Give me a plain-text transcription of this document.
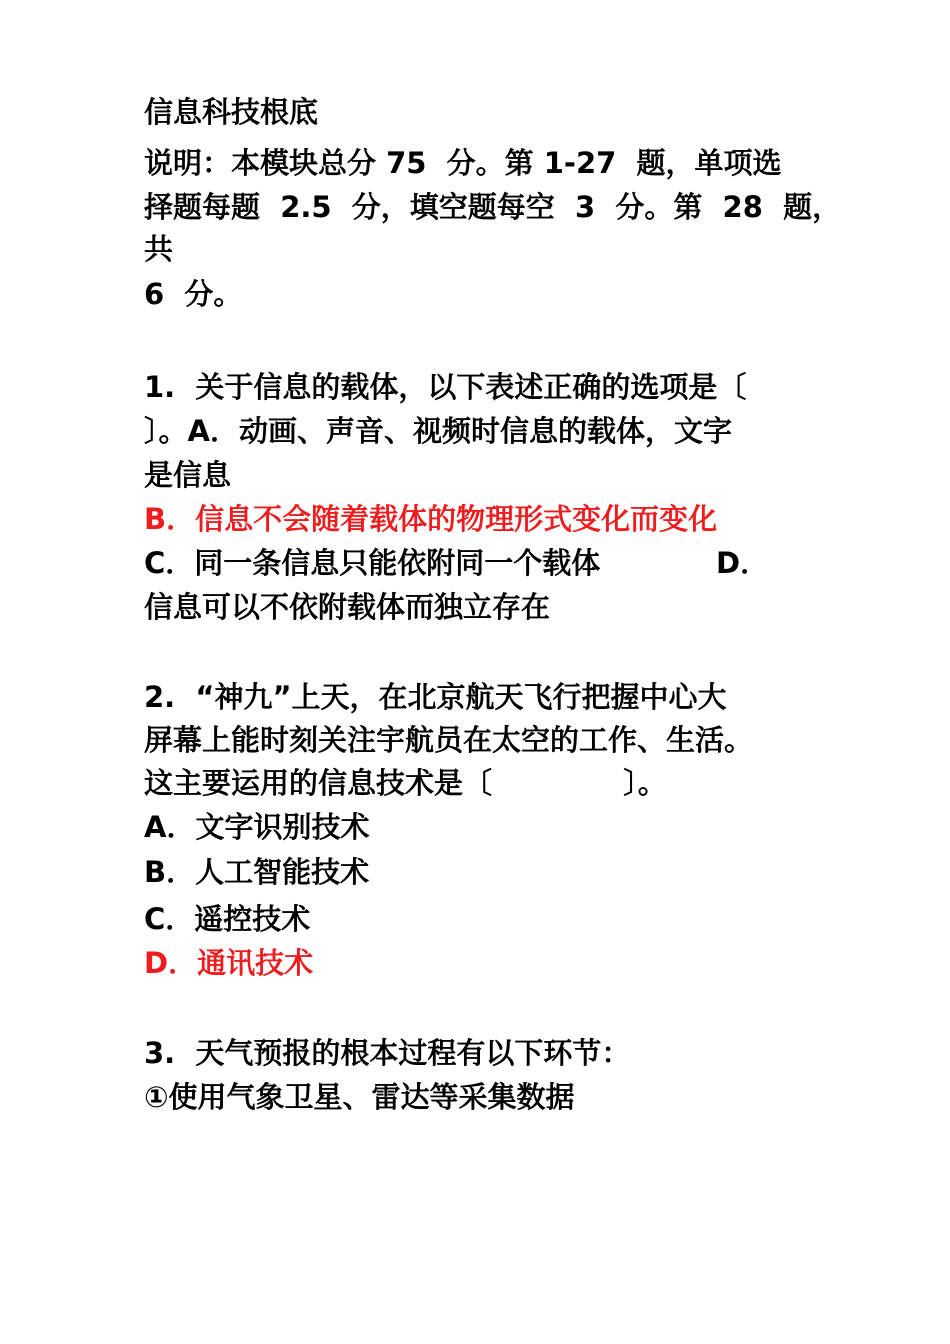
信息科技根底
说明：本模块总分 75  分。第 1-27  题，单项选
择题每题  2.5  分，填空题每空  3  分。第  28  题，
共
6  分。
1.  关于信息的载体，以下表述正确的选项是〔
〕。A．动画、声音、视频时信息的载体，文字
是信息
B．信息不会随着载体的物理形式变化而变化
C．同一条信息只能依附同一个载体	D．
信息可以不依附载体而独立存在
2.  “神九”上天，在北京航天飞行把握中心大
屏幕上能时刻关注宇航员在太空的工作、生活。
这主要运用的信息技术是〔             〕。
A．文字识别技术
B．人工智能技术
C．遥控技术
D．通讯技术
3.  天气预报的根本过程有以下环节：
①使用气象卫星、雷达等采集数据
